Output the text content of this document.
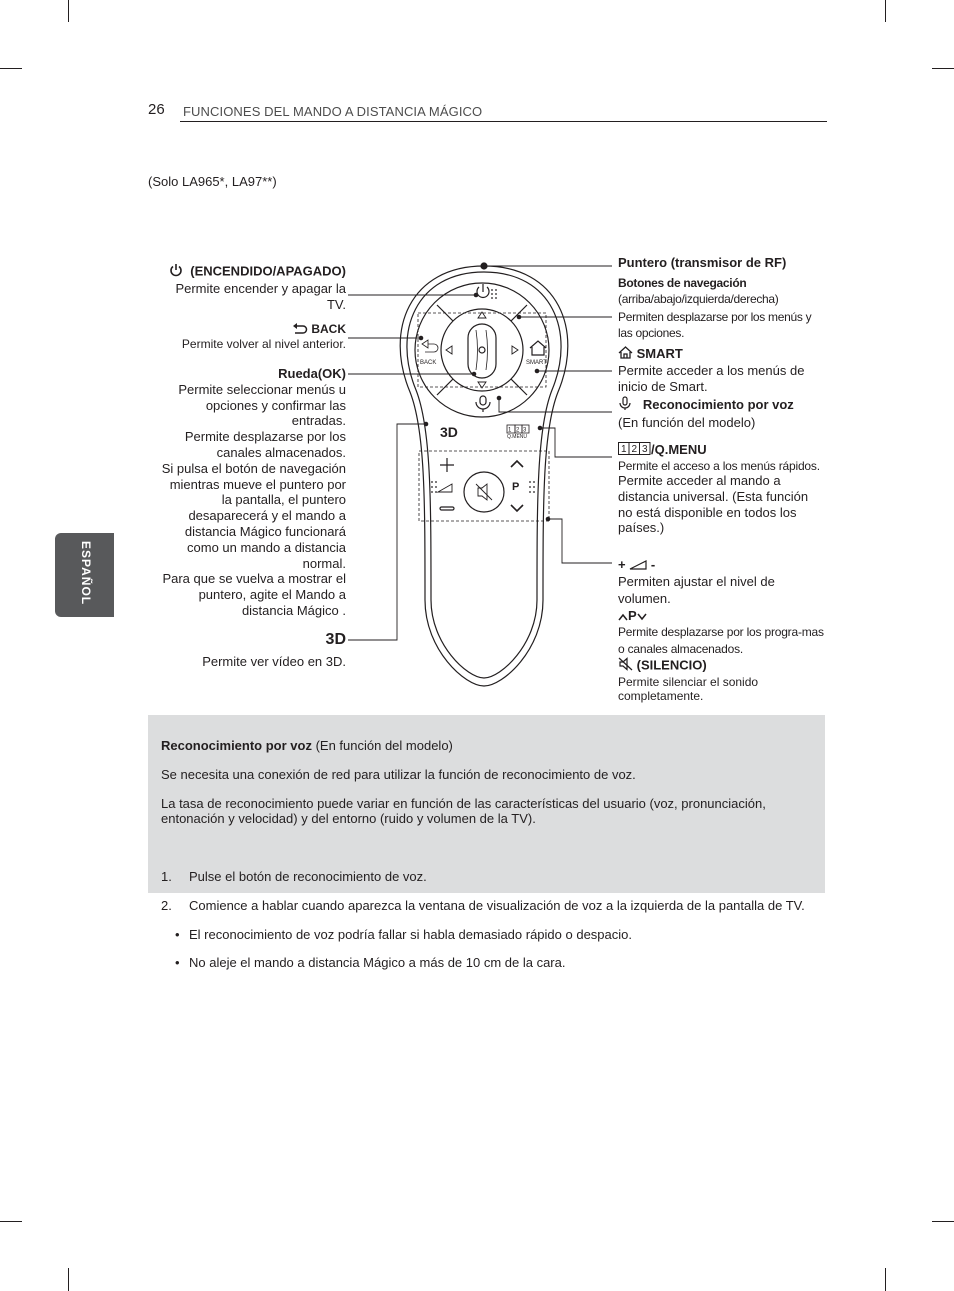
26 FUNCIONES DEL MANDO A DISTANCIA MÁGICO
(Solo LA965*, LA97**)
ESPAÑOL
BACK	SMART
3D	1 2 3
Q.MENU
P
(ENCENDIDO/APAGADO)
Permite encender y apagar la TV.
BACK
Permite volver al nivel anterior.
Rueda(OK)
Permite seleccionar menús u opciones y confirmar las entradas.
Permite desplazarse por los canales almacenados.
Si pulsa el botón de navegación mientras mueve el puntero por la pantalla, el puntero desaparecerá y el mando a distancia Mágico funcionará como un mando a distancia normal.
Para que se vuelva a mostrar el puntero, agite el Mando a distancia Mágico .
3D
Permite ver vídeo en 3D.
Puntero (transmisor de RF)
Botones de navegación
(arriba/abajo/izquierda/derecha)
Permiten desplazarse por los menús y las opciones.
SMART
Permite acceder a los menús de inicio de Smart.
Reconocimiento por voz
(En función del modelo)
1 2 3 /Q.MENU
Permite el acceso a los menús rápidos.
Permite acceder al mando a distancia universal. (Esta función no está disponible en todos los países.)
+ -
Permiten ajustar el nivel de volumen.
P
Permite desplazarse por los progra-mas o canales almacenados.
(SILENCIO)
Permite silenciar el sonido completamente.

Reconocimiento por voz (En función del modelo)

Se necesita una conexión de red para utilizar la función de reconocimiento de voz.

La tasa de reconocimiento puede variar en función de las características del usuario (voz, pronunciación, entonación y velocidad) y del entorno (ruido y volumen de la TV).

1. Pulse el botón de reconocimiento de voz.

2. Comience a hablar cuando aparezca la ventana de visualización de voz a la izquierda de la pantalla de TV.

• El reconocimiento de voz podría fallar si habla demasiado rápido o despacio.

• No aleje el mando a distancia Mágico a más de 10 cm de la cara.
